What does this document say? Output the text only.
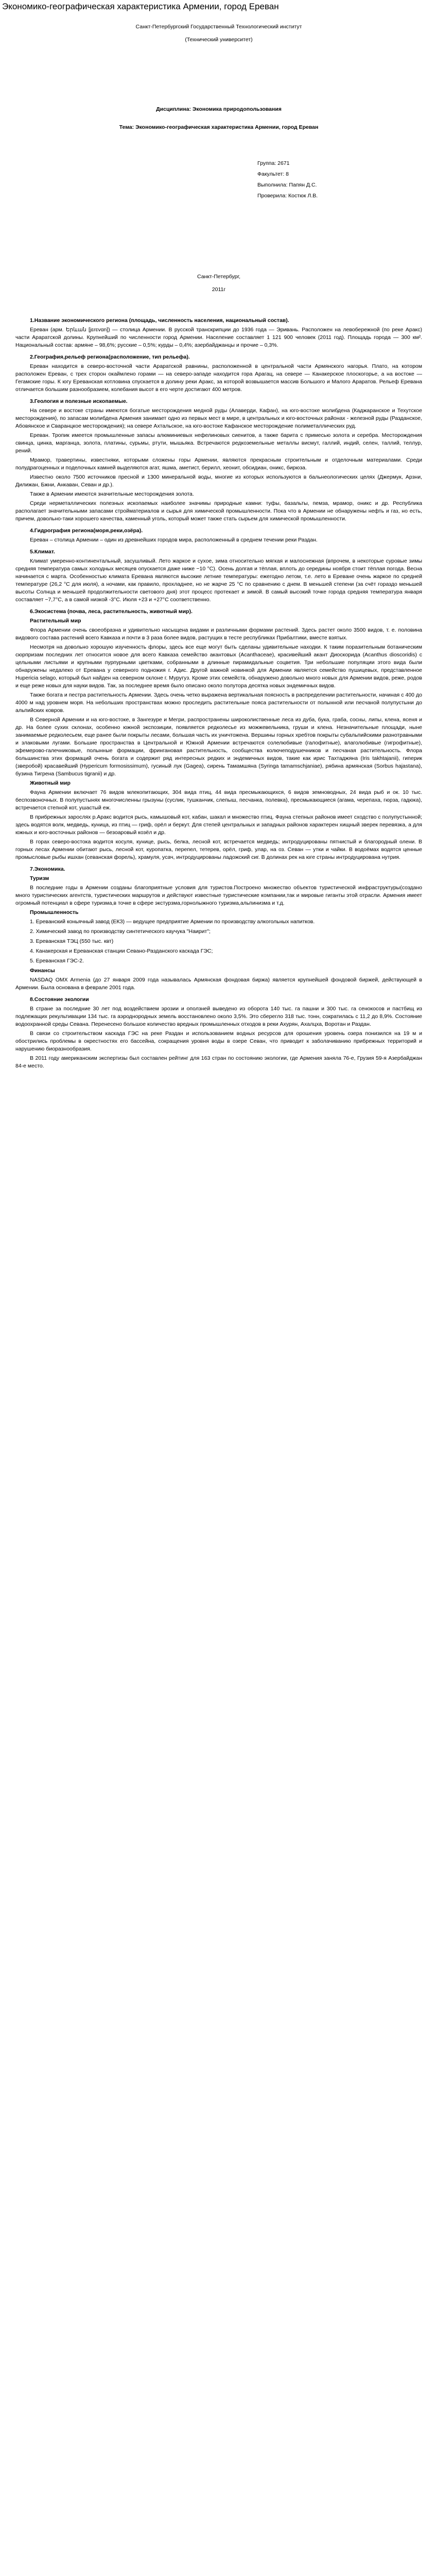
Экономико-географическая характеристика Армении, город Ереван
Санкт-Петербургский Государственный Технологический институт
(Технический университет)
Дисциплина: Экономика природопользования
Тема: Экономико-географическая характеристика Армении, город Ереван
Группа: 2671
Факультет: 8
Выполнила: Папян Д.С.
Проверила: Костюк Л.В.
Санкт-Петербург,
2011г

1.Название экономического региона (площадь, численность населения, национальный состав).

Ереван (арм. Երևան [jɛɾɛvɑn]) — столица Армении. В русской транскрипции до 1936 года — Эривань. Расположен на левобережной (по реке Аракс) части Араратской долины. Крупнейший по численности город Армении. Население составляет 1 121 900 человек (2011 год). Площадь города — 300 км². Национальный состав: армяне – 98,6%; русские – 0,5%; курды – 0,4%; азербайджанцы и прочие – 0,3%.

2.География,рельеф региона(расположение, тип рельефа).

Ереван находится в северо-восточной части Араратской равнины, расположенной в центральной части Армянского нагорья. Плато, на котором расположен Ереван, с трех сторон окаймлено горами — на северо-западе находится гора Арагац, на севере — Канакерское плоскогорье, а на востоке — Гегамские горы. К югу Ереванская котловина спускается в долину реки Аракс, за которой возвышается массив Большого и Малого Араратов. Рельеф Еревана отличается большим разнообразием, колебания высот в его черте достигают 400 метров.

3.Геология и полезные ископаемые.

На севере и востоке страны имеются богатые месторождения медной руды (Алаверди, Кафан), на юго-востоке молибдена (Каджаранское и Техутское месторождения), по запасам молибдена Армения занимает одно из первых мест в мире, в центральных и юго-восточных районах - железной руды (Разданское, Абовянское и Сваранцкое месторождения); на севере Ахтальское, на юго-востоке Кафанское месторождение полиметаллических руд.

Ереван. Тропик имеется промышленные запасы алюминиевых нефелиновых сиенитов, а также барита с примесью золота и серебра. Месторождения свинца, цинка, марганца, золота, платины, сурьмы, ртути, мышьяка. Встречаются редкоземельные металлы висмут, галлий, индий, селен, таллий, теллур, рений.

Мрамор, травертины, известняки, которыми сложены горы Армении, являются прекрасным строительным и отделочным материалами. Среди полудрагоценных и поделочных камней выделяются агат, яшма, аметист, берилл, хеонит, обсидиан, оникс, бирюза.

Известно около 7500 источников пресной и 1300 минеральной воды, многие из которых используются в бальнеологических целях (Джермук, Арзни, Дилижан, Бжни, Анкаван, Севан и др.).

Также в Армении имеются значительные месторождения золота.

Среди нерметаллических полезных ископаемых наиболее значимы природные камни: туфы, базальты, пемза, мрамор, оникс и др. Республика располагает значительными запасами стройматериалов и сырья для химической промышленности. Пока что в Армении не обнаружены нефть и газ, но есть, причем, довольно-таки хорошего качества, каменный уголь, который может также стать сырьем для химической промышленности.

4.Гидрография региона(моря,реки,озёра).

Ереван – столица Армении – один из древнейших городов мира, расположенный в среднем течении реки Раздан.

5.Климат.

Климат умеренно-континентальный, засушливый. Лето жаркое и сухое, зима относительно мягкая и малоснежная (впрочем, в некоторые суровые зимы средняя температура самых холодных месяцев опускается даже ниже −10 °C). Осень долгая и тёплая, вплоть до середины ноября стоит тёплая погода. Весна начинается с марта. Особенностью климата Еревана являются высокие летние температуры: ежегодно летом, т.е. лето в Ереване очень жаркое по средней температуре (26,2 °C для июля), а ночами, как правило, прохладнее, но не жарче 25 °C по сравнению с днем. В меньшей степени (за счёт гораздо меньшей высоты Солнца и меньшей продолжительности светового дня) этот процесс протекает и зимой. В самый высокий точке города средняя температура января составляет −7,7°C, а в самой низкой -3°С. Июля +23 и +27°С соответственно.

6.Экосистема (почва, леса, растительность, животный мир).

Растительный мир

Флора Армении очень своеобразна и удивительно насыщена видами и различными формами растений. Здесь растет около 3500 видов, т. е. половина видового состава растений всего Кавказа и почти в 3 раза более видов, растущих в тесте республиках Прибалтики, вместе взятых.

Несмотря на довольно хорошую изученность флоры, здесь все еще могут быть сделаны удивительные находки. К таким поразительным ботаническим сюрпризам последних лет относится новое для всего Кавказа семейство акантовых (Acanthaceae), красивейший акант Диоскорида (Acanthus dioscoridis) с цельными листьями и крупными пурпурными цветками, собранными в длинные пирамидальные соцветия. Три небольшие популяции этого вида были обнаружены недалеко от Еревана у северного подножия г. Адис. Другой важной новинкой для Армении является семейство пушицевых, представленное Hupericia selago, который был найден на северном склоне г. Муругуз. Кроме этих семейств, обнаружено довольно много новых для Армении видов, реже, родов и еще реже новых для науки видов. Так, за последнее время было описано около полутора десятка новых эндемичных видов.

Также богата и пестра растительность Армении. Здесь очень четко выражена вертикальная поясность в распределении растительности, начиная с 400 до 4000 м над уровнем моря. На небольших пространствах можно проследить растительные пояса растительности от полынной или песчаной полупустыни до альпийских ковров.

В Северной Армении и на юго-востоке, в Зангезуре и Мегри, распространены широколиственные леса из дуба, бука, граба, сосны, липы, клена, ясеня и др. На более сухих склонах, особенно южной экспозиции, появляется редколесье из можжевельника, груши и клена. Незначительные площади, ныне занимаемые редколесьем, еще ранее были покрыты лесами, большая часть их уничтожена. Вершины горных хребтов покрыты субальпийскими разнотравными и злаковыми лугами. Большие пространства в Центральной и Южной Армении встречаются солелюбивые (галофитные), влаголюбивые (гигрофитные), эфемерово-галечниковые, полынные формации, фрингановая растительность, сообщества колючеподушечников и песчаная растительность. Флора большинства этих формаций очень богата и содержит ряд интересных редких и эндемичных видов, такие как ирис Тахтаджяна (Iris takhtajanii), гиперик (зверобой) красавейший (Hypericum formosissimum), гусиный лук (Gagea), сирень Тамамшяна (Syringa tamamschjaniae), рябина армянская (Sorbus hajastana), бузина Тигрена (Sambucus tigranii) и др.

Животный мир

Фауна Армении включает 76 видов млекопитающих, 304 вида птиц, 44 вида пресмыкающихся, 6 видов земноводных, 24 вида рыб и ок. 10 тыс. беспозвоночных. В полупустынях многочисленны грызуны (суслик, тушканчик, слепыш, песчанка, полевка), пресмыкающиеся (агама, черепаха, гюрза, гадюка), встречается степной кот, ушастый еж.

В прибрежных зарослях р.Аракс водится рысь, камышовый кот, кабан, шакал и множество птиц. Фауна степных районов имеет сходство с полупустынной; здесь водятся волк, медведь, куница, из птиц — гриф, орёл и беркут. Для степей центральных и западных районов характерен хищный зверек перевязка, а для южных и юго-восточных районов — безоаровый козёл и др.

В горах северо-востока водится косуля, кунице, рысь, белка, лесной кот, встречается медведь; интродуцированы пятнистый и благородный олени. В горных лесах Армении обитают рысь, лесной кот, куропатка, перепел, тетерев, орёл, гриф, улар, на оз. Севан — утки и чайки. В водоёмах водятся ценные промысловые рыбы ишхан (севанская форель), храмуля, усач, интродуцированы ладожский сиг. В долинах рек на юге страны интродуцирована нутрия.

7.Экономика.

Туризм

В последние годы в Армении созданы благоприятные условия для туристов.Построено множество объектов туристической инфраструктуры(создано много туристических агентств, туристических маршрутов и действуют известные туристические компании,так и мировые гиганты этой отрасли. Армения имеет огромный потенциал в сфере туризма,в точке в сфере экстурзма,горнолыжного туризма,альпинизма и т.д.

Промышленность

1. Ереванский коньячный завод (ЕКЗ) — ведущее предприятие Армении по производству алкогольных напитков.

2. Химический завод по производству синтетического каучука "Наирит";

3. Ереванская ТЭЦ (550 тыс. квт)

4. Канакерская и Ереванская станции Севано-Разданского каскада ГЭС;

5. Ереванская ГЭС-2.

Финансы

NASDAQ OMX Armenia (до 27 января 2009 года называлась Армянская фондовая биржа) является крупнейшей фондовой биржей, действующей в Армении. Была основана в феврале 2001 года.

8.Состояние экологии

В стране за последние 30 лет под воздействием эрозии и оползней выведено из оборота 140 тыс. га пашни и 300 тыс. га сенокосов и пастбищ из подлежащих рекультивации 134 тыс. га аэроднородных земель восстановлено около 3,5%. Это сберегло 318 тыс. тонн, сократилась с 11,2 до 8,9%. Состояние водоохранной среды Севана. Перенесено большое количество вредных промышленных отходов в реки Ахурян, Ахалцха, Воротан и Раздан.

В связи со строительством каскада ГЭС на реке Раздан и использованием водных ресурсов для орошения уровень озера понизился на 19 м и обострились проблемы в окрестностях его бассейна, сокращения уровня воды в озере Севан, что приводит к заболачиванию прибрежных территорий и нарушению биоразнообразия.

В 2011 году американским экспертизы был составлен рейтинг для 163 стран по состоянию экологии, где Армения заняла 76-е, Грузия 59-я Азербайджан 84-е место.
